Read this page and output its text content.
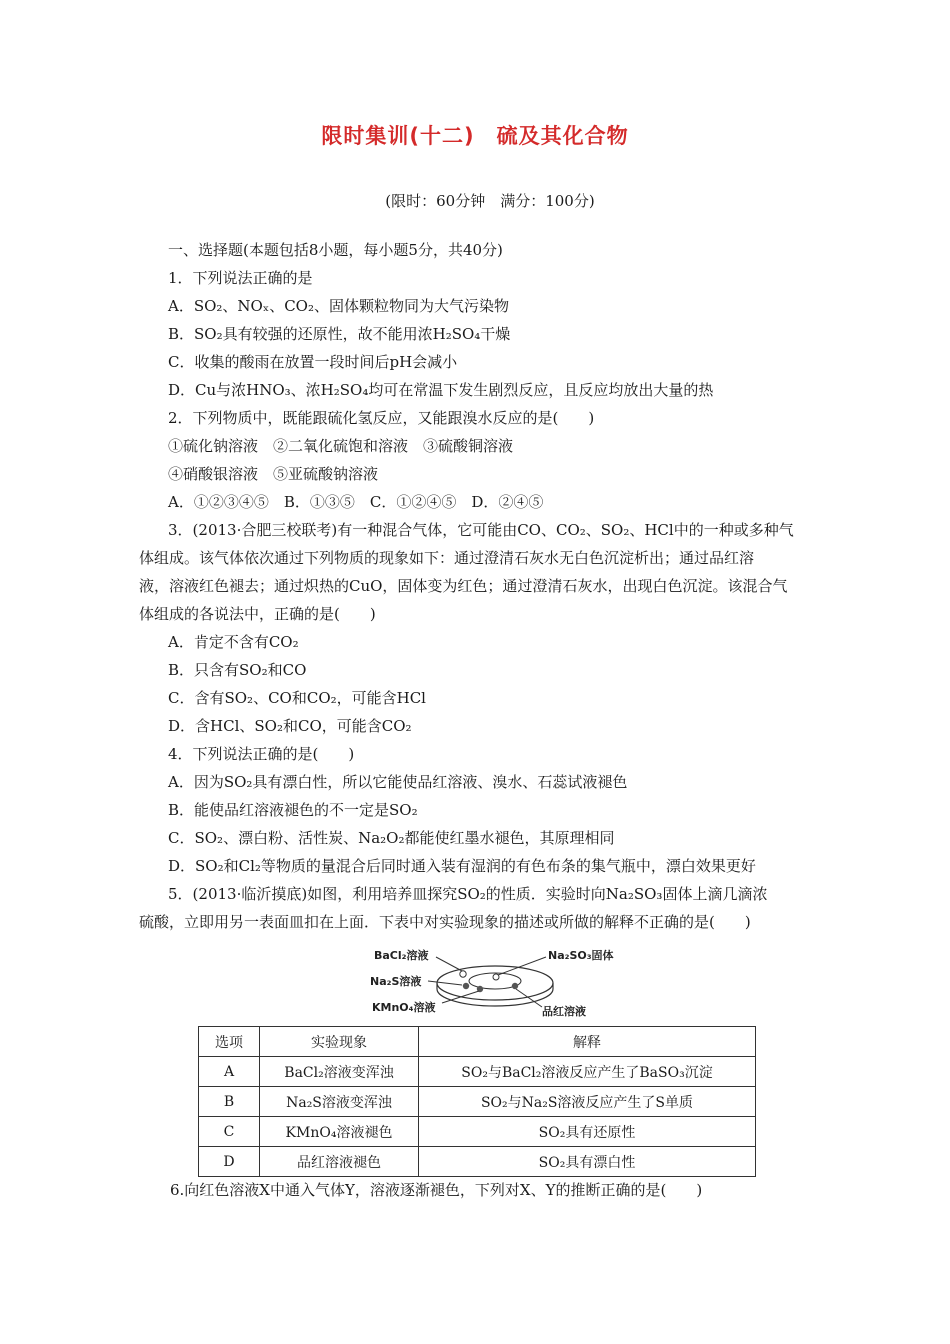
限时集训(十二)　硫及其化合物
(限时：60分钟　满分：100分)
一、选择题(本题包括8小题，每小题5分，共40分)
1．下列说法正确的是
A．SO₂、NOₓ、CO₂、固体颗粒物同为大气污染物
B．SO₂具有较强的还原性，故不能用浓H₂SO₄干燥
C．收集的酸雨在放置一段时间后pH会减小
D．Cu与浓HNO₃、浓H₂SO₄均可在常温下发生剧烈反应，且反应均放出大量的热
2．下列物质中，既能跟硫化氢反应，又能跟溴水反应的是(　　)
①硫化钠溶液　②二氧化硫饱和溶液　③硫酸铜溶液
④硝酸银溶液　⑤亚硫酸钠溶液
A．①②③④⑤　B．①③⑤　C．①②④⑤　D．②④⑤
3．(2013·合肥三校联考)有一种混合气体，它可能由CO、CO₂、SO₂、HCl中的一种或多种气
体组成。该气体依次通过下列物质的现象如下：通过澄清石灰水无白色沉淀析出；通过品红溶
液，溶液红色褪去；通过炽热的CuO，固体变为红色；通过澄清石灰水，出现白色沉淀。该混合气
体组成的各说法中，正确的是(　　)
A．肯定不含有CO₂
B．只含有SO₂和CO
C．含有SO₂、CO和CO₂，可能含HCl
D．含HCl、SO₂和CO，可能含CO₂
4．下列说法正确的是(　　)
A．因为SO₂具有漂白性，所以它能使品红溶液、溴水、石蕊试液褪色
B．能使品红溶液褪色的不一定是SO₂
C．SO₂、漂白粉、活性炭、Na₂O₂都能使红墨水褪色，其原理相同
D．SO₂和Cl₂等物质的量混合后同时通入装有湿润的有色布条的集气瓶中，漂白效果更好
5．(2013·临沂摸底)如图，利用培养皿探究SO₂的性质．实验时向Na₂SO₃固体上滴几滴浓
硫酸，立即用另一表面皿扣在上面．下表中对实验现象的描述或所做的解释不正确的是(　　)
BaCl₂溶液
Na₂S溶液
KMnO₄溶液
Na₂SO₃固体
品红溶液
选项	实验现象	解释
A	BaCl₂溶液变浑浊	SO₂与BaCl₂溶液反应产生了BaSO₃沉淀
B	Na₂S溶液变浑浊	SO₂与Na₂S溶液反应产生了S单质
C	KMnO₄溶液褪色	SO₂具有还原性
D	品红溶液褪色	SO₂具有漂白性
6.向红色溶液X中通入气体Y，溶液逐渐褪色，下列对X、Y的推断正确的是(　　)
